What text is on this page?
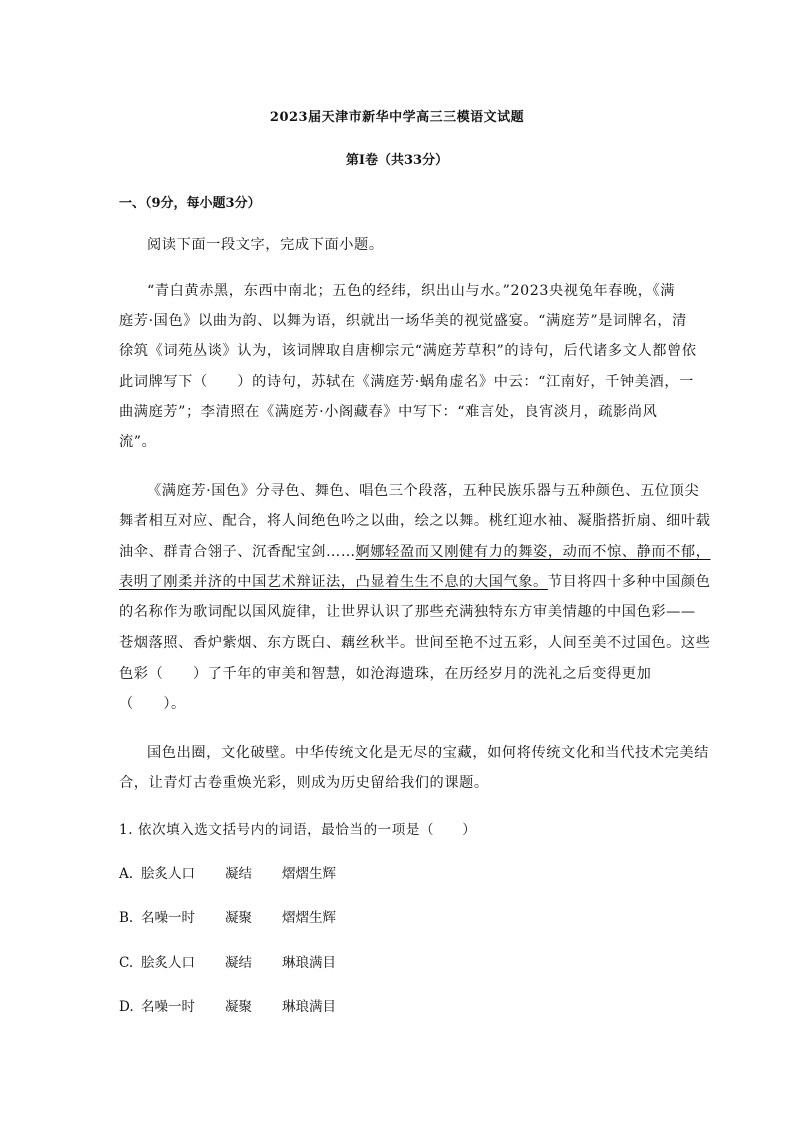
2023届天津市新华中学高三三模语文试题
第Ⅰ卷（共33分）
一、（9分，每小题3分）
阅读下面一段文字，完成下面小题。
“青白黄赤黑，东西中南北；五色的经纬，织出山与水。”2023央视兔年春晚，《满
庭芳·国色》以曲为韵、以舞为语，织就出一场华美的视觉盛宴。“满庭芳”是词牌名，清
徐筑《词苑丛谈》认为，该词牌取自唐柳宗元“满庭芳草积”的诗句，后代诸多文人都曾依
此词牌写下（　　）的诗句，苏轼在《满庭芳·蜗角虚名》中云：“江南好，千钟美酒，一
曲满庭芳”；李清照在《满庭芳·小阁藏春》中写下：“难言处，良宵淡月，疏影尚风
流”。
《满庭芳·国色》分寻色、舞色、唱色三个段落，五种民族乐器与五种颜色、五位顶尖
舞者相互对应、配合，将人间绝色吟之以曲，绘之以舞。桃红迎水袖、凝脂搭折扇、细叶载
油伞、群青合翎子、沉香配宝剑……婀娜轻盈而又刚健有力的舞姿，动而不惊、静而不郁，
表明了刚柔并济的中国艺术辩证法，凸显着生生不息的大国气象。节目将四十多种中国颜色
的名称作为歌词配以国风旋律，让世界认识了那些充满独特东方审美情趣的中国色彩——
苍烟落照、香炉紫烟、东方既白、藕丝秋半。世间至艳不过五彩，人间至美不过国色。这些
色彩（　　）了千年的审美和智慧，如沧海遗珠，在历经岁月的洗礼之后变得更加
（　　）。
国色出圈，文化破壁。中华传统文化是无尽的宝藏，如何将传统文化和当代技术完美结
合，让青灯古卷重焕光彩，则成为历史留给我们的课题。
1. 依次填入选文括号内的词语，最恰当的一项是（　　）
A. 脍炙人口 凝结 熠熠生辉
B. 名噪一时 凝聚 熠熠生辉
C. 脍炙人口 凝结 琳琅满目
D. 名噪一时 凝聚 琳琅满目
